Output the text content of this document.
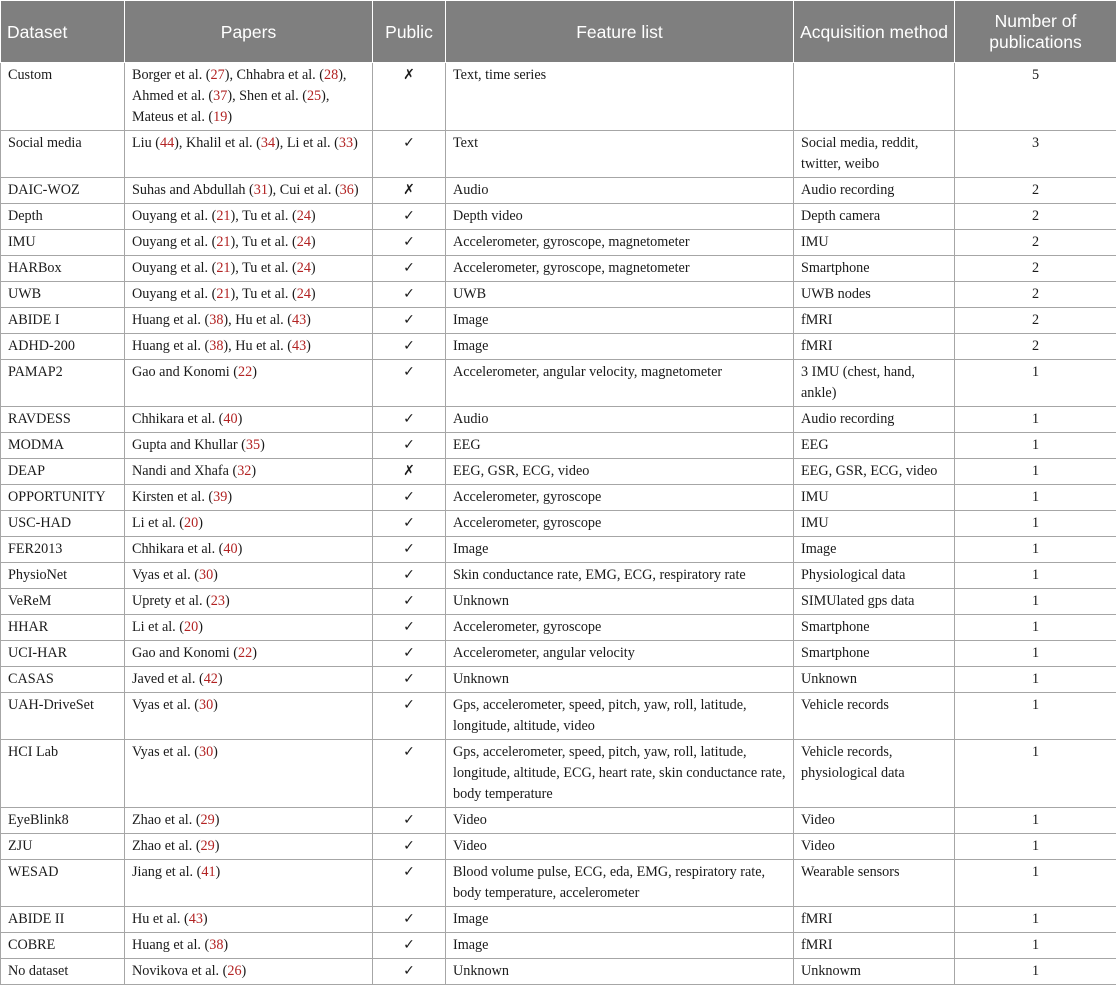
Dataset	Papers	Public	Feature list	Acquisition method	Number of publications
Custom	Borger et al. (27), Chhabra et al. (28), Ahmed et al. (37), Shen et al. (25), Mateus et al. (19)	✗	Text, time series		5
Social media	Liu (44), Khalil et al. (34), Li et al. (33)	✓	Text	Social media, reddit, twitter, weibo	3
DAIC-WOZ	Suhas and Abdullah (31), Cui et al. (36)	✗	Audio	Audio recording	2
Depth	Ouyang et al. (21), Tu et al. (24)	✓	Depth video	Depth camera	2
IMU	Ouyang et al. (21), Tu et al. (24)	✓	Accelerometer, gyroscope, magnetometer	IMU	2
HARBox	Ouyang et al. (21), Tu et al. (24)	✓	Accelerometer, gyroscope, magnetometer	Smartphone	2
UWB	Ouyang et al. (21), Tu et al. (24)	✓	UWB	UWB nodes	2
ABIDE I	Huang et al. (38), Hu et al. (43)	✓	Image	fMRI	2
ADHD-200	Huang et al. (38), Hu et al. (43)	✓	Image	fMRI	2
PAMAP2	Gao and Konomi (22)	✓	Accelerometer, angular velocity, magnetometer	3 IMU (chest, hand, ankle)	1
RAVDESS	Chhikara et al. (40)	✓	Audio	Audio recording	1
MODMA	Gupta and Khullar (35)	✓	EEG	EEG	1
DEAP	Nandi and Xhafa (32)	✗	EEG, GSR, ECG, video	EEG, GSR, ECG, video	1
OPPORTUNITY	Kirsten et al. (39)	✓	Accelerometer, gyroscope	IMU	1
USC-HAD	Li et al. (20)	✓	Accelerometer, gyroscope	IMU	1
FER2013	Chhikara et al. (40)	✓	Image	Image	1
PhysioNet	Vyas et al. (30)	✓	Skin conductance rate, EMG, ECG, respiratory rate	Physiological data	1
VeReM	Uprety et al. (23)	✓	Unknown	SIMUlated gps data	1
HHAR	Li et al. (20)	✓	Accelerometer, gyroscope	Smartphone	1
UCI-HAR	Gao and Konomi (22)	✓	Accelerometer, angular velocity	Smartphone	1
CASAS	Javed et al. (42)	✓	Unknown	Unknown	1
UAH-DriveSet	Vyas et al. (30)	✓	Gps, accelerometer, speed, pitch, yaw, roll, latitude, longitude, altitude, video	Vehicle records	1
HCI Lab	Vyas et al. (30)	✓	Gps, accelerometer, speed, pitch, yaw, roll, latitude, longitude, altitude, ECG, heart rate, skin conductance rate, body temperature	Vehicle records, physiological data	1
EyeBlink8	Zhao et al. (29)	✓	Video	Video	1
ZJU	Zhao et al. (29)	✓	Video	Video	1
WESAD	Jiang et al. (41)	✓	Blood volume pulse, ECG, eda, EMG, respiratory rate, body temperature, accelerometer	Wearable sensors	1
ABIDE II	Hu et al. (43)	✓	Image	fMRI	1
COBRE	Huang et al. (38)	✓	Image	fMRI	1
No dataset	Novikova et al. (26)	✓	Unknown	Unknowm	1
